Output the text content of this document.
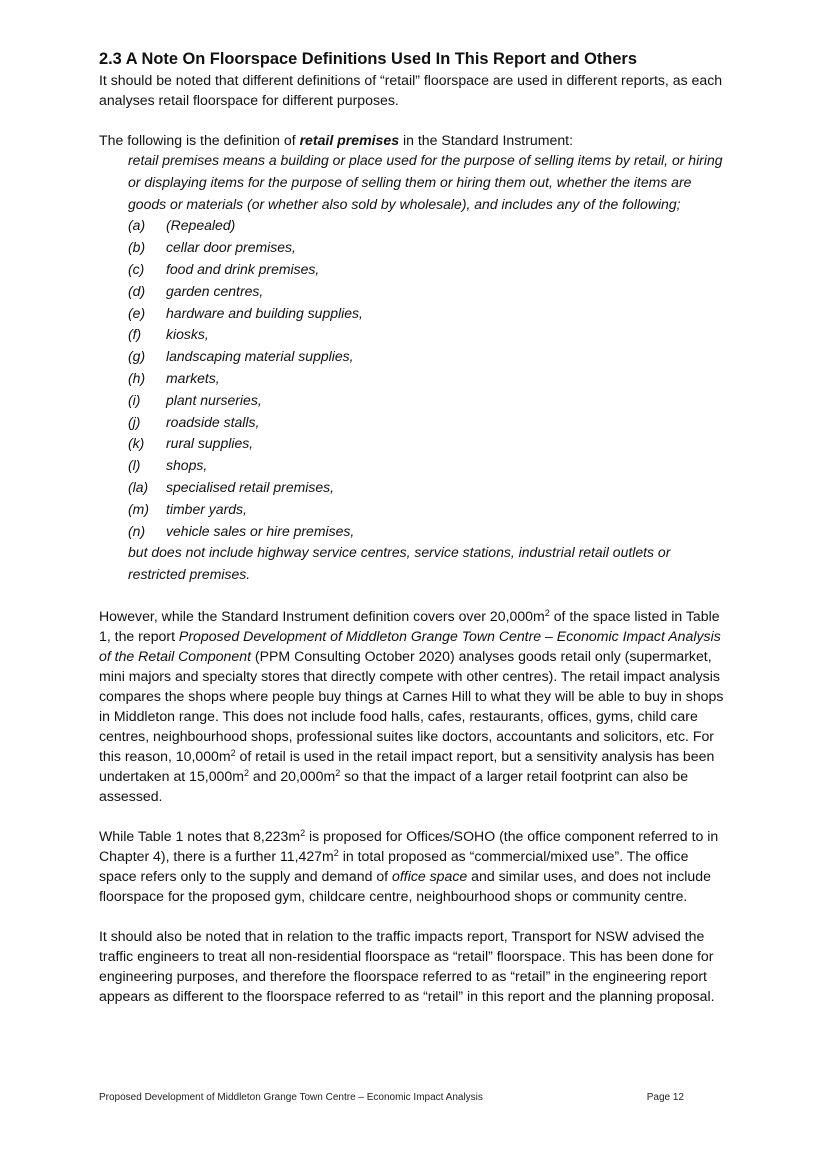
2.3 A Note On Floorspace Definitions Used In This Report and Others

It should be noted that different definitions of “retail” floorspace are used in different reports, as each analyses retail floorspace for different purposes.

The following is the definition of retail premises in the Standard Instrument:

retail premises means a building or place used for the purpose of selling items by retail, or hiring or displaying items for the purpose of selling them or hiring them out, whether the items are goods or materials (or whether also sold by wholesale), and includes any of the following;

(a)	(Repealed)
(b)	cellar door premises,
(c)	food and drink premises,
(d)	garden centres,
(e)	hardware and building supplies,
(f)	kiosks,
(g)	landscaping material supplies,
(h)	markets,
(i)	plant nurseries,
(j)	roadside stalls,
(k)	rural supplies,
(l)	shops,
(la)	specialised retail premises,
(m)	timber yards,
(n)	vehicle sales or hire premises,

but does not include highway service centres, service stations, industrial retail outlets or restricted premises.

However, while the Standard Instrument definition covers over $20,000m^2$ of the space listed in Table 1, the report Proposed Development of Middleton Grange Town Centre – Economic Impact Analysis of the Retail Component (PPM Consulting October 2020) analyses goods retail only (supermarket, mini majors and specialty stores that directly compete with other centres). The retail impact analysis compares the shops where people buy things at Carnes Hill to what they will be able to buy in shops in Middleton range. This does not include food halls, cafes, restaurants, offices, gyms, child care centres, neighbourhood shops, professional suites like doctors, accountants and solicitors, etc. For this reason, $10,000m^2$ of retail is used in the retail impact report, but a sensitivity analysis has been undertaken at $15,000m^2$ and $20,000m^2$ so that the impact of a larger retail footprint can also be assessed.

While Table 1 notes that $8,223m^2$ is proposed for Offices/SOHO (the office component referred to in Chapter 4), there is a further $11,427m^2$ in total proposed as “commercial/mixed use”. The office space refers only to the supply and demand of office space and similar uses, and does not include floorspace for the proposed gym, childcare centre, neighbourhood shops or community centre.

It should also be noted that in relation to the traffic impacts report, Transport for NSW advised the traffic engineers to treat all non-residential floorspace as “retail” floorspace. This has been done for engineering purposes, and therefore the floorspace referred to as “retail” in the engineering report appears as different to the floorspace referred to as “retail” in this report and the planning proposal.

Proposed Development of Middleton Grange Town Centre – Economic Impact Analysis	Page 12
